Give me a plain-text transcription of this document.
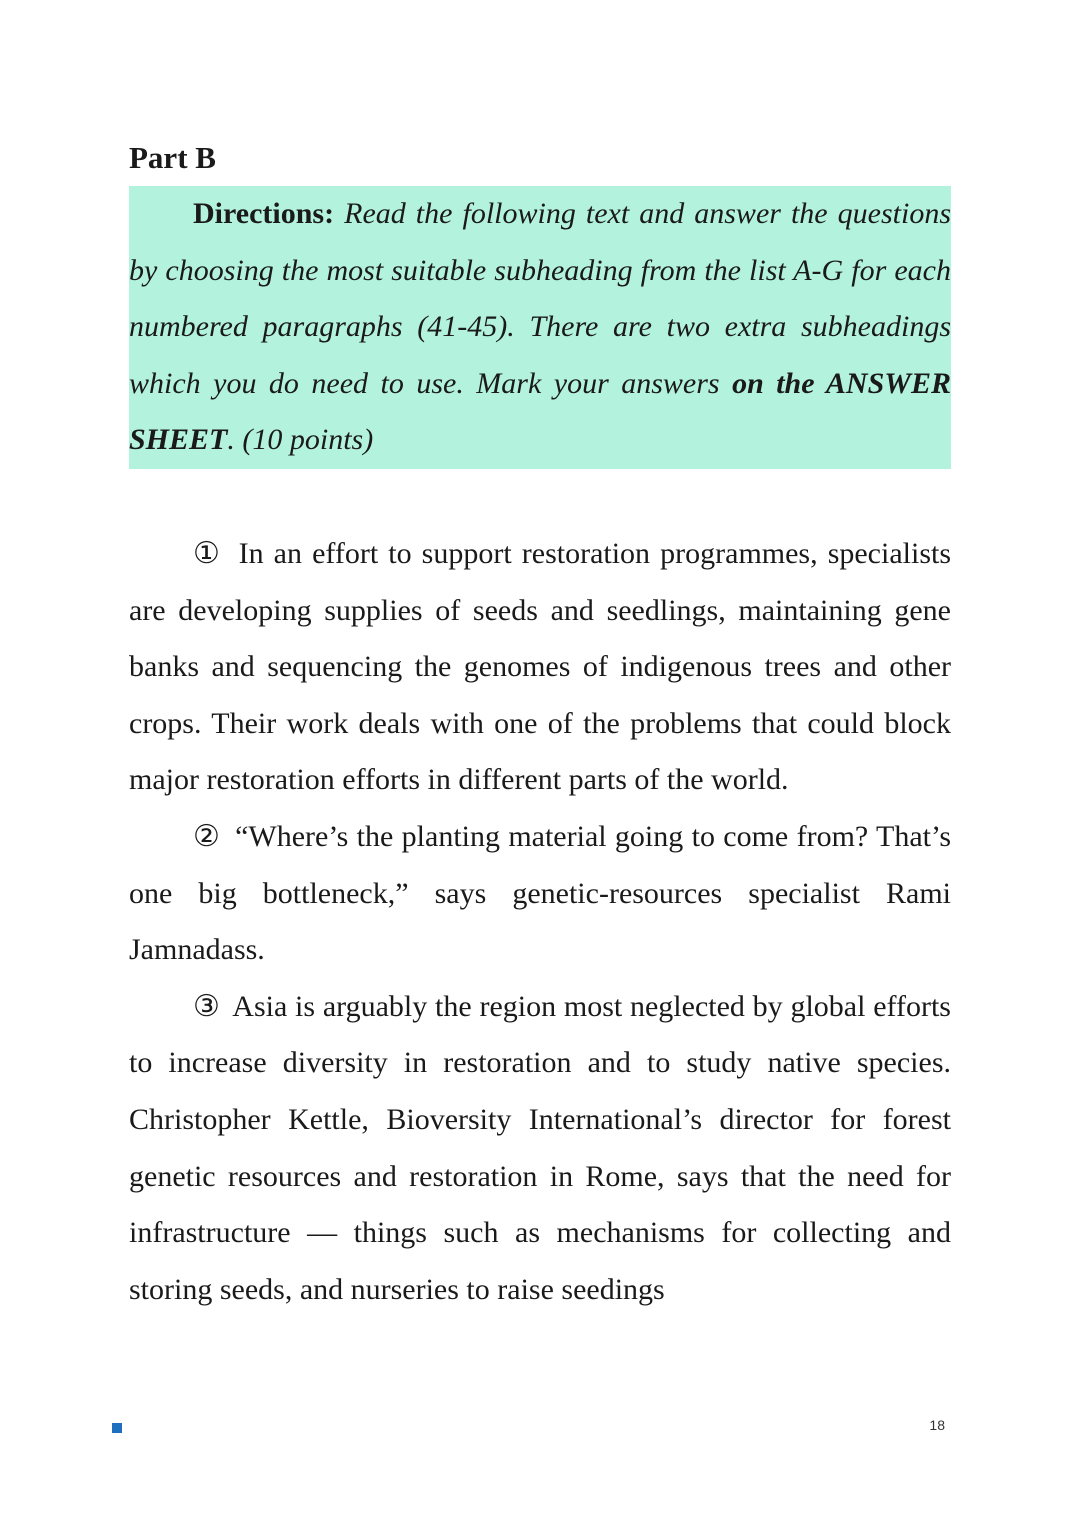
Part B
Directions: Read the following text and answer the questions by choosing the most suitable subheading from the list A-G for each numbered paragraphs (41-45). There are two extra subheadings which you do need to use. Mark your answers on the ANSWER SHEET. (10 points)

① In an effort to support restoration programmes, specialists are developing supplies of seeds and seedlings, maintaining gene banks and sequencing the genomes of indigenous trees and other crops. Their work deals with one of the problems that could block major restoration efforts in different parts of the world.

② “Where’s the planting material going to come from? That’s one big bottleneck,” says genetic-resources specialist Rami Jamnadass.

③ Asia is arguably the region most neglected by global efforts to increase diversity in restoration and to study native species. Christopher Kettle, Bioversity International’s director for forest genetic resources and restoration in Rome, says that the need for infrastructure — things such as mechanisms for collecting and storing seeds, and nurseries to raise seedings

18
